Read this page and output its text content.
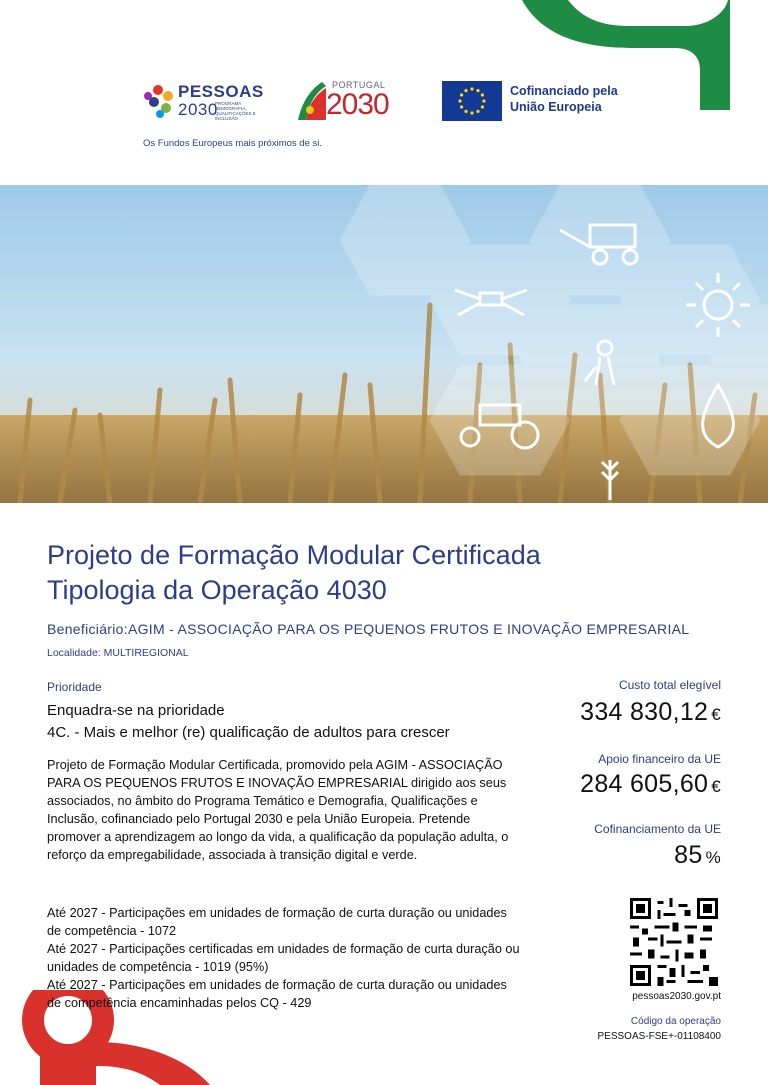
PESSOAS
2030
PROGRAMA DEMOGRAFIA, QUALIFICAÇÕES E INCLUSÃO
Os Fundos Europeus mais próximos de si.
PORTUGAL
2030	Cofinanciado pela
União Europeia
Projeto de Formação Modular Certificada
Tipologia da Operação 4030
Beneficiário:AGIM - ASSOCIAÇÃO PARA OS PEQUENOS FRUTOS E INOVAÇÃO EMPRESARIAL
Localidade: MULTIREGIONAL
Prioridade
Enquadra-se na prioridade
4C. - Mais e melhor (re) qualificação de adultos para crescer
Projeto de Formação Modular Certificada, promovido pela AGIM - ASSOCIAÇÃO PARA OS PEQUENOS FRUTOS E INOVAÇÃO EMPRESARIAL dirigido aos seus associados, no âmbito do Programa Temático e Demografia, Qualificações e Inclusão, cofinanciado pelo Portugal 2030 e pela União Europeia. Pretende promover a aprendizagem ao longo da vida, a qualificação da população adulta, o reforço da empregabilidade, associada à transição digital e verde.
Até 2027 - Participações em unidades de formação de curta duração ou unidades de competência - 1072
Até 2027 - Participações certificadas em unidades de formação de curta duração ou unidades de competência - 1019 (95%)
Até 2027 - Participações em unidades de formação de curta duração ou unidades de competência encaminhadas pelos CQ - 429
Custo total elegível
334 830,12 €
Apoio financeiro da UE
284 605,60 €
Cofinanciamento da UE
85 %
pessoas2030.gov.pt
Código da operação
PESSOAS-FSE+-01108400
